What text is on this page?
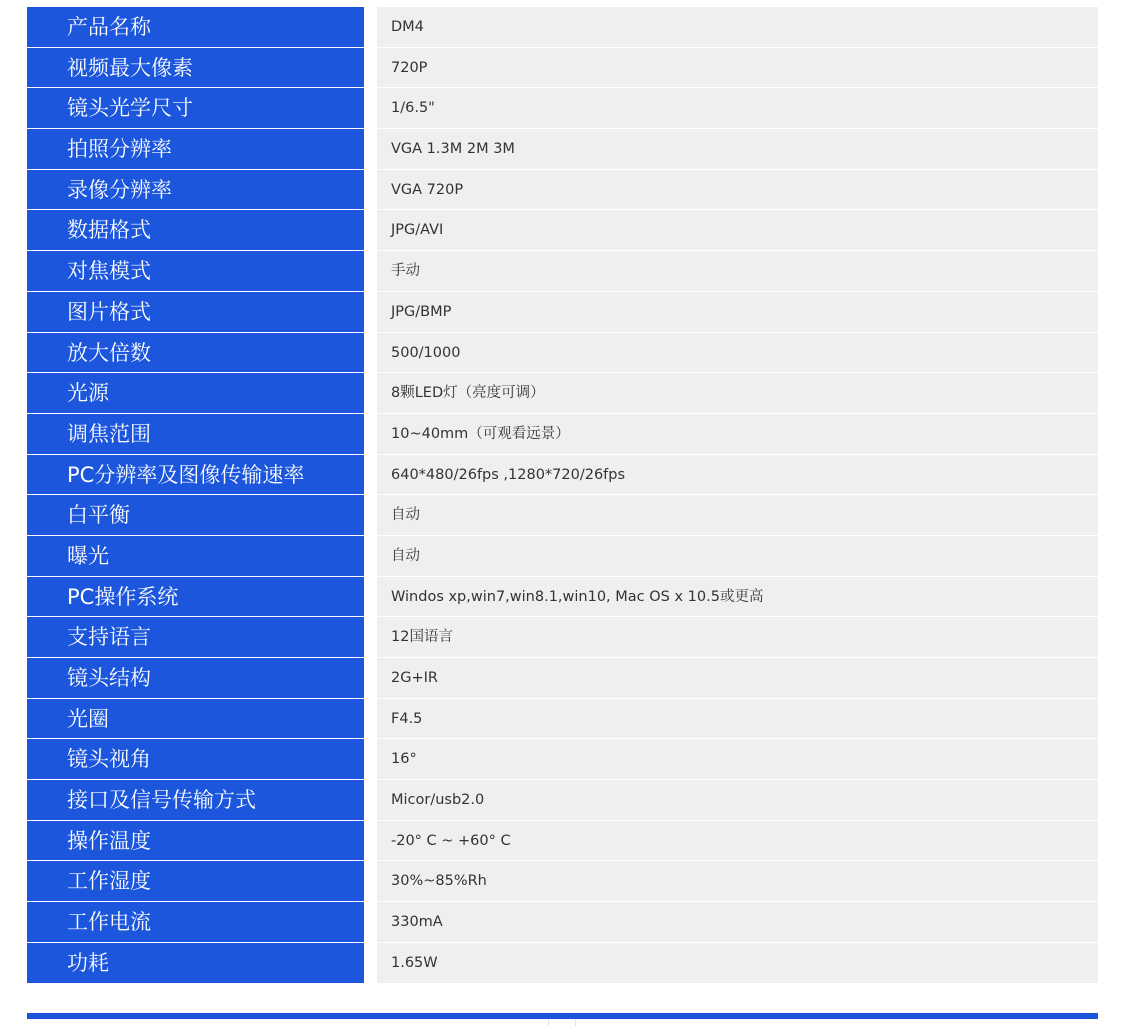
产品名称	DM4
视频最大像素	720P
镜头光学尺寸	1/6.5"
拍照分辨率	VGA 1.3M 2M 3M
录像分辨率	VGA 720P
数据格式	JPG/AVI
对焦模式	手动
图片格式	JPG/BMP
放大倍数	500/1000
光源	8颗LED灯（亮度可调）
调焦范围	10~40mm（可观看远景）
PC分辨率及图像传输速率	640*480/26fps ,1280*720/26fps
白平衡	自动
曝光	自动
PC操作系统	Windos xp,win7,win8.1,win10, Mac OS x 10.5或更高
支持语言	12国语言
镜头结构	2G+IR
光圈	F4.5
镜头视角	16°
接口及信号传输方式	Micor/usb2.0
操作温度	-20° C ~ +60° C
工作湿度	30%~85%Rh
工作电流	330mA
功耗	1.65W
